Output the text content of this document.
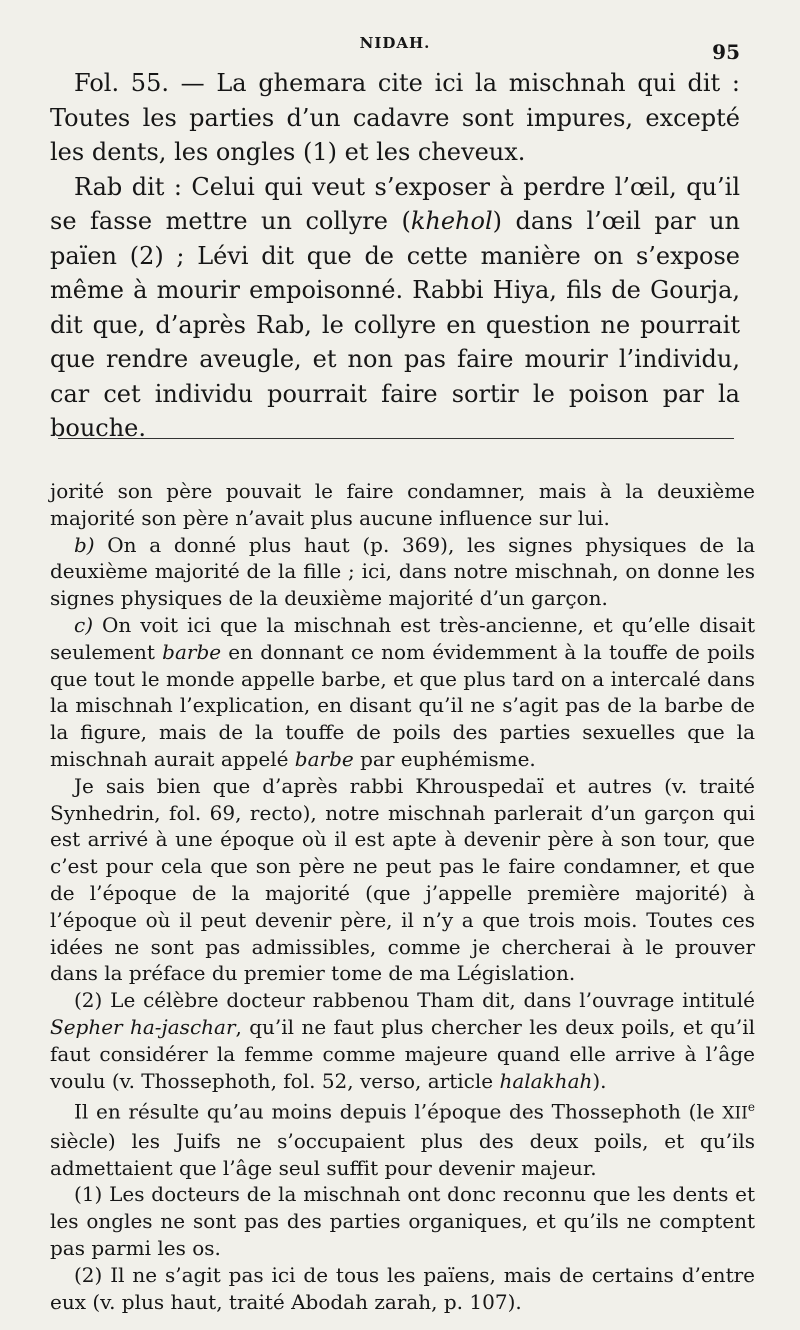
NIDAH.	95

Fol. 55. — La ghemara cite ici la mischnah qui dit : Toutes les parties d’un cadavre sont impures, excepté les dents, les ongles (1) et les cheveux.

Rab dit : Celui qui veut s’exposer à perdre l’œil, qu’il se fasse mettre un collyre (khehol) dans l’œil par un païen (2) ; Lévi dit que de cette manière on s’expose même à mourir empoisonné. Rabbi Hiya, fils de Gourja, dit que, d’après Rab, le collyre en question ne pourrait que rendre aveugle, et non pas faire mourir l’individu, car cet individu pourrait faire sortir le poison par la bouche.

jorité son père pouvait le faire condamner, mais à la deuxième majorité son père n’avait plus aucune influence sur lui.

b) On a donné plus haut (p. 369), les signes physiques de la deuxième majorité de la fille ; ici, dans notre mischnah, on donne les signes physiques de la deuxième majorité d’un garçon.

c) On voit ici que la mischnah est très-ancienne, et qu’elle disait seulement barbe en donnant ce nom évidemment à la touffe de poils que tout le monde appelle barbe, et que plus tard on a intercalé dans la mischnah l’explication, en disant qu’il ne s’agit pas de la barbe de la figure, mais de la touffe de poils des parties sexuelles que la mischnah aurait appelé barbe par euphémisme.

Je sais bien que d’après rabbi Khrouspedaï et autres (v. traité Synhedrin, fol. 69, recto), notre mischnah parlerait d’un garçon qui est arrivé à une époque où il est apte à devenir père à son tour, que c’est pour cela que son père ne peut pas le faire condamner, et que de l’époque de la majorité (que j’appelle première majorité) à l’époque où il peut devenir père, il n’y a que trois mois. Toutes ces idées ne sont pas admissibles, comme je chercherai à le prouver dans la préface du premier tome de ma Législation.

(2) Le célèbre docteur rabbenou Tham dit, dans l’ouvrage intitulé Sepher ha-jaschar, qu’il ne faut plus chercher les deux poils, et qu’il faut considérer la femme comme majeure quand elle arrive à l’âge voulu (v. Thossephoth, fol. 52, verso, article halakhah).

Il en résulte qu’au moins depuis l’époque des Thossephoth (le XIIe siècle) les Juifs ne s’occupaient plus des deux poils, et qu’ils admettaient que l’âge seul suffit pour devenir majeur.

(1) Les docteurs de la mischnah ont donc reconnu que les dents et les ongles ne sont pas des parties organiques, et qu’ils ne comptent pas parmi les os.

(2) Il ne s’agit pas ici de tous les païens, mais de certains d’entre eux (v. plus haut, traité Abodah zarah, p. 107).
